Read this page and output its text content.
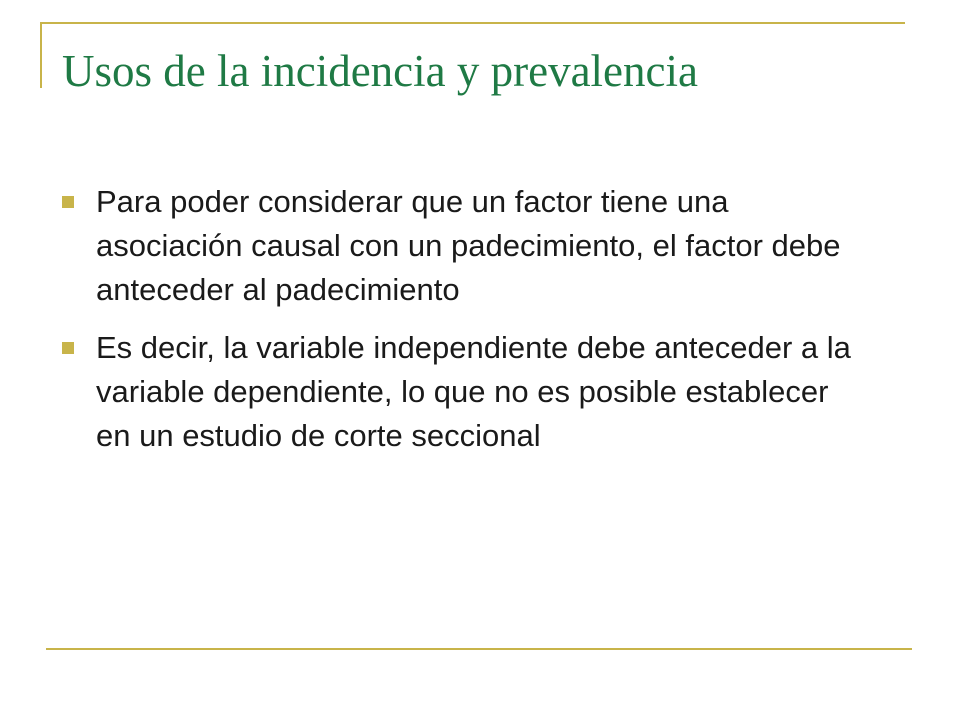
Usos de la incidencia y prevalencia
Para poder considerar que un factor tiene una asociación causal con un padecimiento, el factor debe anteceder al padecimiento
Es decir, la variable independiente debe anteceder a la variable dependiente, lo que no es posible establecer en un estudio de corte seccional
